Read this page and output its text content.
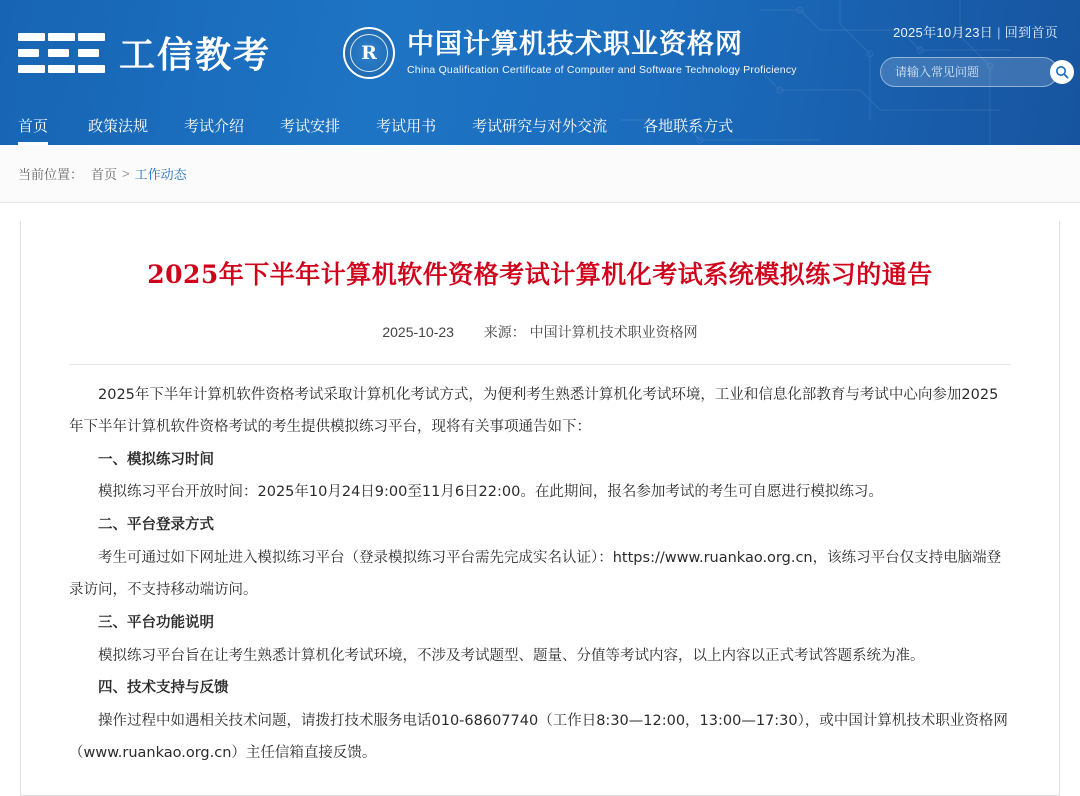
工信教考	R	中国计算机技术职业资格网
China Qualification Certificate of Computer and Software Technology Proficiency
2025年10月23日 | 回到首页
请输入常见问题
首页	政策法规 考试介绍 考试安排 考试用书 考试研究与对外交流 各地联系方式
当前位置： 首页 > 工作动态
2025年下半年计算机软件资格考试计算机化考试系统模拟练习的通告
2025-10-23 来源： 中国计算机技术职业资格网

2025年下半年计算机软件资格考试采取计算机化考试方式，为便利考生熟悉计算机化考试环境，工业和信息化部教育与考试中心向参加2025年下半年计算机软件资格考试的考生提供模拟练习平台，现将有关事项通告如下：

一、模拟练习时间

模拟练习平台开放时间：2025年10月24日9:00至11月6日22:00。在此期间，报名参加考试的考生可自愿进行模拟练习。

二、平台登录方式

考生可通过如下网址进入模拟练习平台（登录模拟练习平台需先完成实名认证）：https://www.ruankao.org.cn，该练习平台仅支持电脑端登录访问，不支持移动端访问。

三、平台功能说明

模拟练习平台旨在让考生熟悉计算机化考试环境，不涉及考试题型、题量、分值等考试内容，以上内容以正式考试答题系统为准。

四、技术支持与反馈

操作过程中如遇相关技术问题，请拨打技术服务电话010-68607740（工作日8:30—12:00，13:00—17:30），或中国计算机技术职业资格网（www.ruankao.org.cn）主任信箱直接反馈。
